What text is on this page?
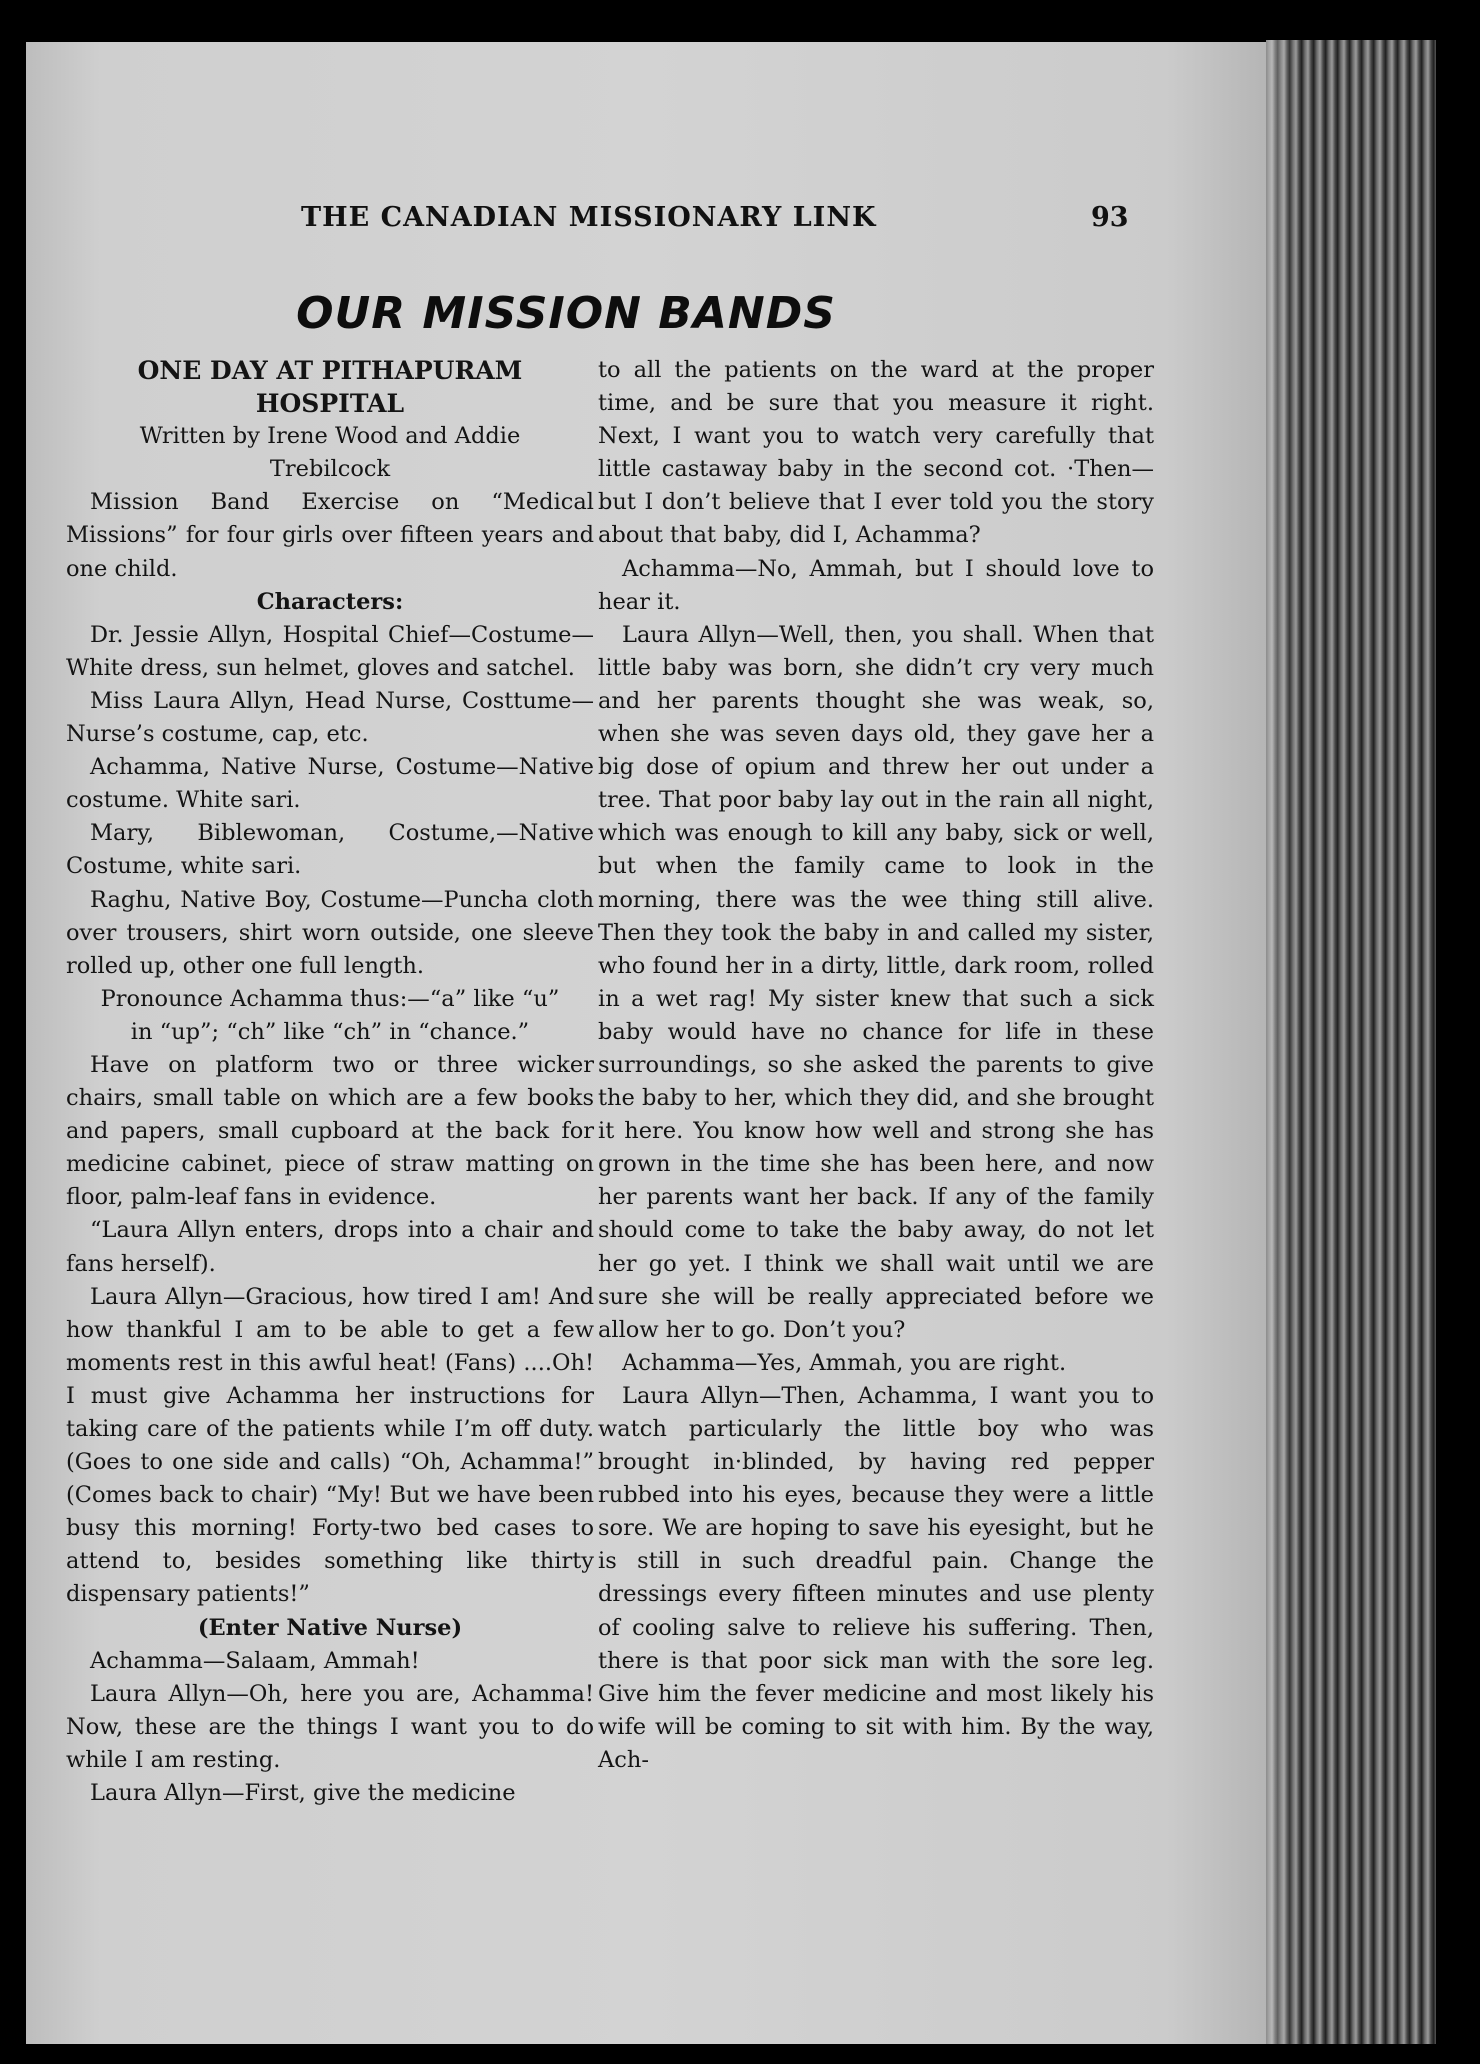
THE CANADIAN MISSIONARY LINK	93
OUR MISSION BANDS

ONE DAY AT PITHAPURAM HOSPITAL

Written by Irene Wood and Addie Trebilcock

Mission Band Exercise on “Medical Missions” for four girls over fifteen years and one child.

Characters:

Dr. Jessie Allyn, Hospital Chief—Costume—White dress, sun helmet, gloves and satchel.

Miss Laura Allyn, Head Nurse, Costtume—Nurse’s costume, cap, etc.

Achamma, Native Nurse, Costume—Native costume. White sari.

Mary, Biblewoman, Costume,—Native Costume, white sari.

Raghu, Native Boy, Costume—Puncha cloth over trousers, shirt worn outside, one sleeve rolled up, other one full length.

Pronounce Achamma thus:—“a” like “u” in “up”; “ch” like “ch” in “chance.”

Have on platform two or three wicker chairs, small table on which are a few books and papers, small cupboard at the back for medicine cabinet, piece of straw matting on floor, palm-leaf fans in evidence.

“Laura Allyn enters, drops into a chair and fans herself).

Laura Allyn—Gracious, how tired I am! And how thankful I am to be able to get a few moments rest in this awful heat! (Fans) ....Oh! I must give Achamma her instructions for taking care of the patients while I’m off duty. (Goes to one side and calls) “Oh, Achamma!” (Comes back to chair) “My! But we have been busy this morning! Forty-two bed cases to attend to, besides something like thirty dispensary patients!”

(Enter Native Nurse)

Achamma—Salaam, Ammah!

Laura Allyn—Oh, here you are, Achamma! Now, these are the things I want you to do while I am resting.

Laura Allyn—First, give the medicine

to all the patients on the ward at the proper time, and be sure that you measure it right. Next, I want you to watch very carefully that little castaway baby in the second cot. ·Then—but I don’t believe that I ever told you the story about that baby, did I, Achamma?

Achamma—No, Ammah, but I should love to hear it.

Laura Allyn—Well, then, you shall. When that little baby was born, she didn’t cry very much and her parents thought she was weak, so, when she was seven days old, they gave her a big dose of opium and threw her out under a tree. That poor baby lay out in the rain all night, which was enough to kill any baby, sick or well, but when the family came to look in the morning, there was the wee thing still alive. Then they took the baby in and called my sister, who found her in a dirty, little, dark room, rolled in a wet rag! My sister knew that such a sick baby would have no chance for life in these surroundings, so she asked the parents to give the baby to her, which they did, and she brought it here. You know how well and strong she has grown in the time she has been here, and now her parents want her back. If any of the family should come to take the baby away, do not let her go yet. I think we shall wait until we are sure she will be really appreciated before we allow her to go. Don’t you?

Achamma—Yes, Ammah, you are right.

Laura Allyn—Then, Achamma, I want you to watch particularly the little boy who was brought in·blinded, by having red pepper rubbed into his eyes, because they were a little sore. We are hoping to save his eyesight, but he is still in such dreadful pain. Change the dressings every fifteen minutes and use plenty of cooling salve to relieve his suffering. Then, there is that poor sick man with the sore leg. Give him the fever medicine and most likely his wife will be coming to sit with him. By the way, Ach-
